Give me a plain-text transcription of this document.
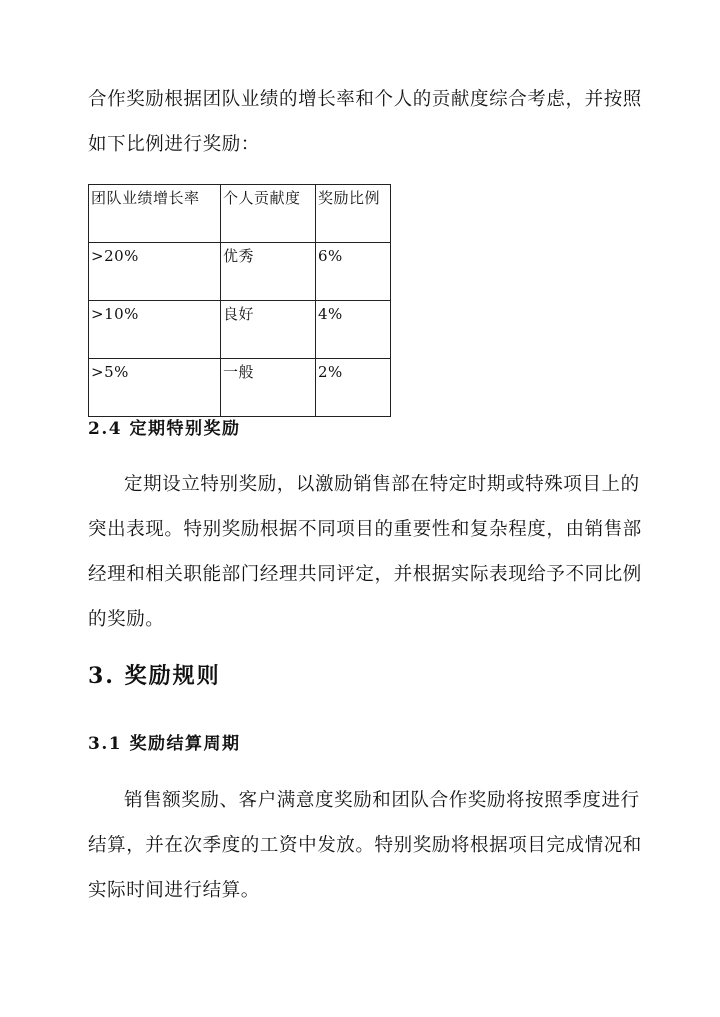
合作奖励根据团队业绩的增长率和个人的贡献度综合考虑，并按照
如下比例进行奖励：
团队业绩增长率	个人贡献度	奖励比例
>20%	优秀	6%
>10%	良好	4%
>5%	一般	2%
2.4 定期特别奖励
定期设立特别奖励，以激励销售部在特定时期或特殊项目上的
突出表现。特别奖励根据不同项目的重要性和复杂程度，由销售部
经理和相关职能部门经理共同评定，并根据实际表现给予不同比例
的奖励。
3. 奖励规则
3.1 奖励结算周期
销售额奖励、客户满意度奖励和团队合作奖励将按照季度进行
结算，并在次季度的工资中发放。特别奖励将根据项目完成情况和
实际时间进行结算。
